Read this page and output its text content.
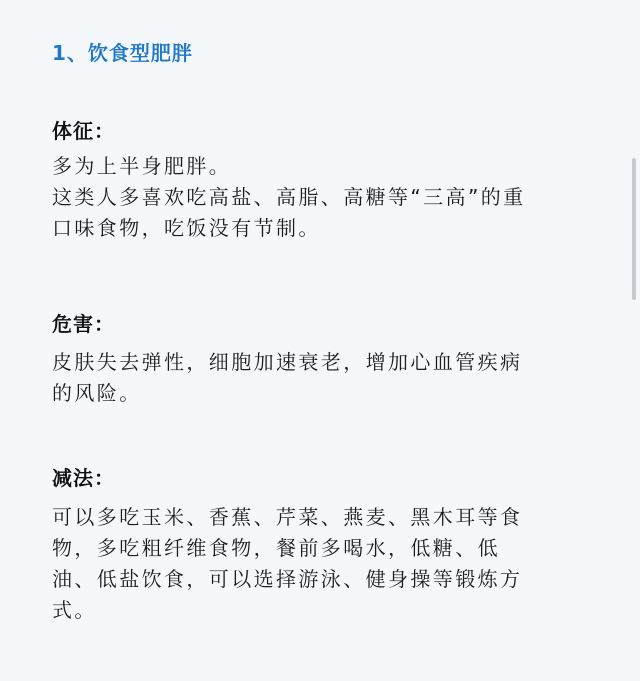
1、饮食型肥胖
体征：
多为上半身肥胖。
这类人多喜欢吃高盐、高脂、高糖等“三高”的重
口味食物，吃饭没有节制。
危害：
皮肤失去弹性，细胞加速衰老，增加心血管疾病
的风险。
减法：
可以多吃玉米、香蕉、芹菜、燕麦、黑木耳等食
物，多吃粗纤维食物，餐前多喝水，低糖、低
油、低盐饮食，可以选择游泳、健身操等锻炼方
式。
